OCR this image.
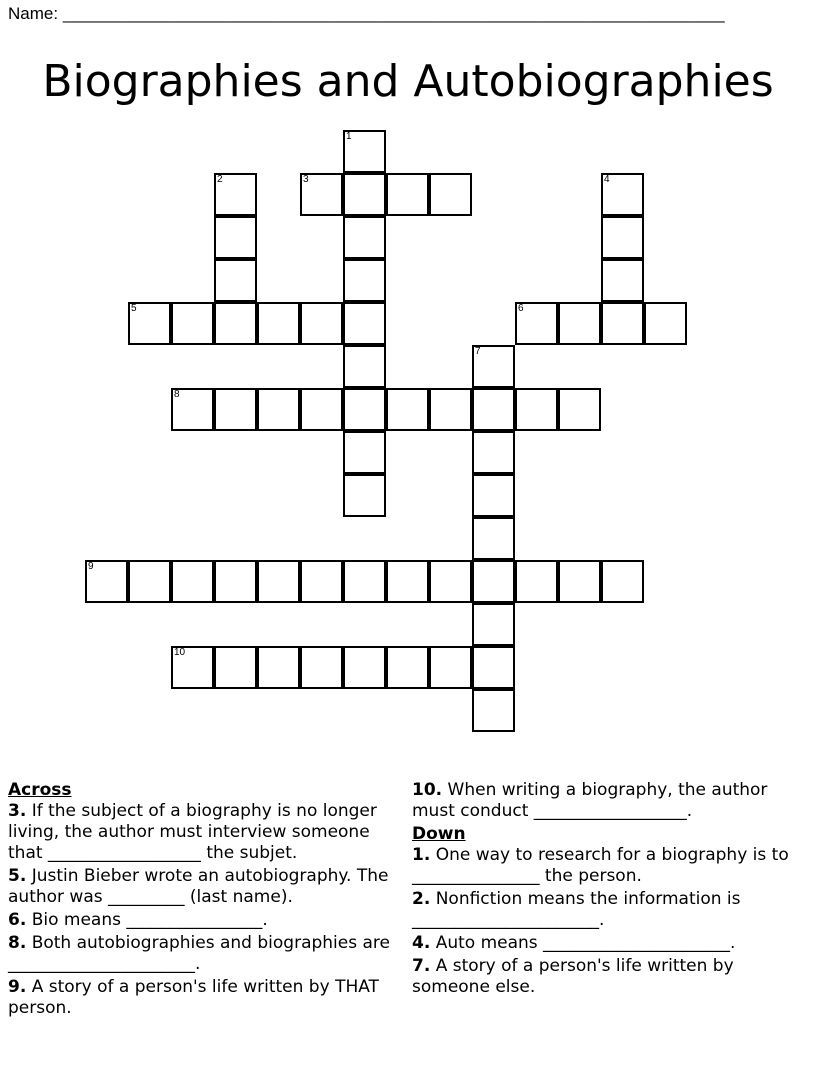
Name: ______________________________________________________________________
Biographies and Autobiographies
1
2	3	4
5	6
7
8
9
10
Across
3. If the subject of a biography is no longer living, the author must interview someone that __________________ the subjet.
5. Justin Bieber wrote an autobiography. The author was _________ (last name).
6. Bio means ________________.
8. Both autobiographies and biographies are ______________________.
9. A story of a person's life written by THAT person.
10. When writing a biography, the author must conduct __________________.
Down
1. One way to research for a biography is to _______________ the person.
2. Nonfiction means the information is ______________________.
4. Auto means ______________________.
7. A story of a person's life written by someone else.
